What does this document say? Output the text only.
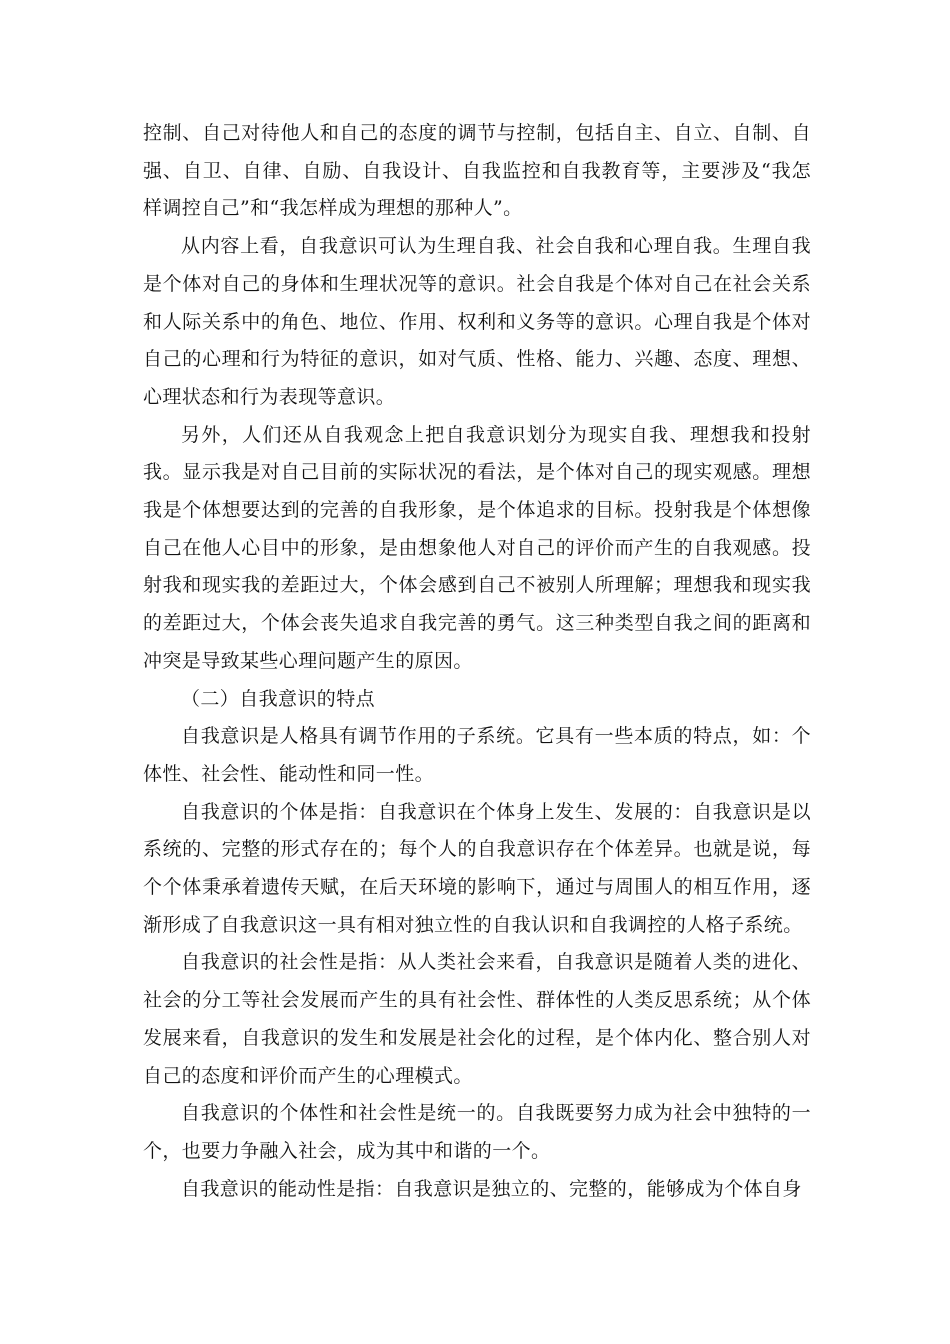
控制、自己对待他人和自己的态度的调节与控制，包括自主、自立、自制、自强、自卫、自律、自励、自我设计、自我监控和自我教育等，主要涉及“我怎样调控自己”和“我怎样成为理想的那种人”。

从内容上看，自我意识可认为生理自我、社会自我和心理自我。生理自我是个体对自己的身体和生理状况等的意识。社会自我是个体对自己在社会关系和人际关系中的角色、地位、作用、权利和义务等的意识。心理自我是个体对自己的心理和行为特征的意识，如对气质、性格、能力、兴趣、态度、理想、心理状态和行为表现等意识。

另外，人们还从自我观念上把自我意识划分为现实自我、理想我和投射我。显示我是对自己目前的实际状况的看法，是个体对自己的现实观感。理想我是个体想要达到的完善的自我形象，是个体追求的目标。投射我是个体想像自己在他人心目中的形象，是由想象他人对自己的评价而产生的自我观感。投射我和现实我的差距过大，个体会感到自己不被别人所理解；理想我和现实我的差距过大，个体会丧失追求自我完善的勇气。这三种类型自我之间的距离和冲突是导致某些心理问题产生的原因。

（二）自我意识的特点

自我意识是人格具有调节作用的子系统。它具有一些本质的特点，如：个体性、社会性、能动性和同一性。

自我意识的个体是指：自我意识在个体身上发生、发展的：自我意识是以系统的、完整的形式存在的；每个人的自我意识存在个体差异。也就是说，每个个体秉承着遗传天赋，在后天环境的影响下，通过与周围人的相互作用，逐渐形成了自我意识这一具有相对独立性的自我认识和自我调控的人格子系统。

自我意识的社会性是指：从人类社会来看，自我意识是随着人类的进化、社会的分工等社会发展而产生的具有社会性、群体性的人类反思系统；从个体发展来看，自我意识的发生和发展是社会化的过程，是个体内化、整合别人对自己的态度和评价而产生的心理模式。

自我意识的个体性和社会性是统一的。自我既要努力成为社会中独特的一个，也要力争融入社会，成为其中和谐的一个。

自我意识的能动性是指：自我意识是独立的、完整的，能够成为个体自身
